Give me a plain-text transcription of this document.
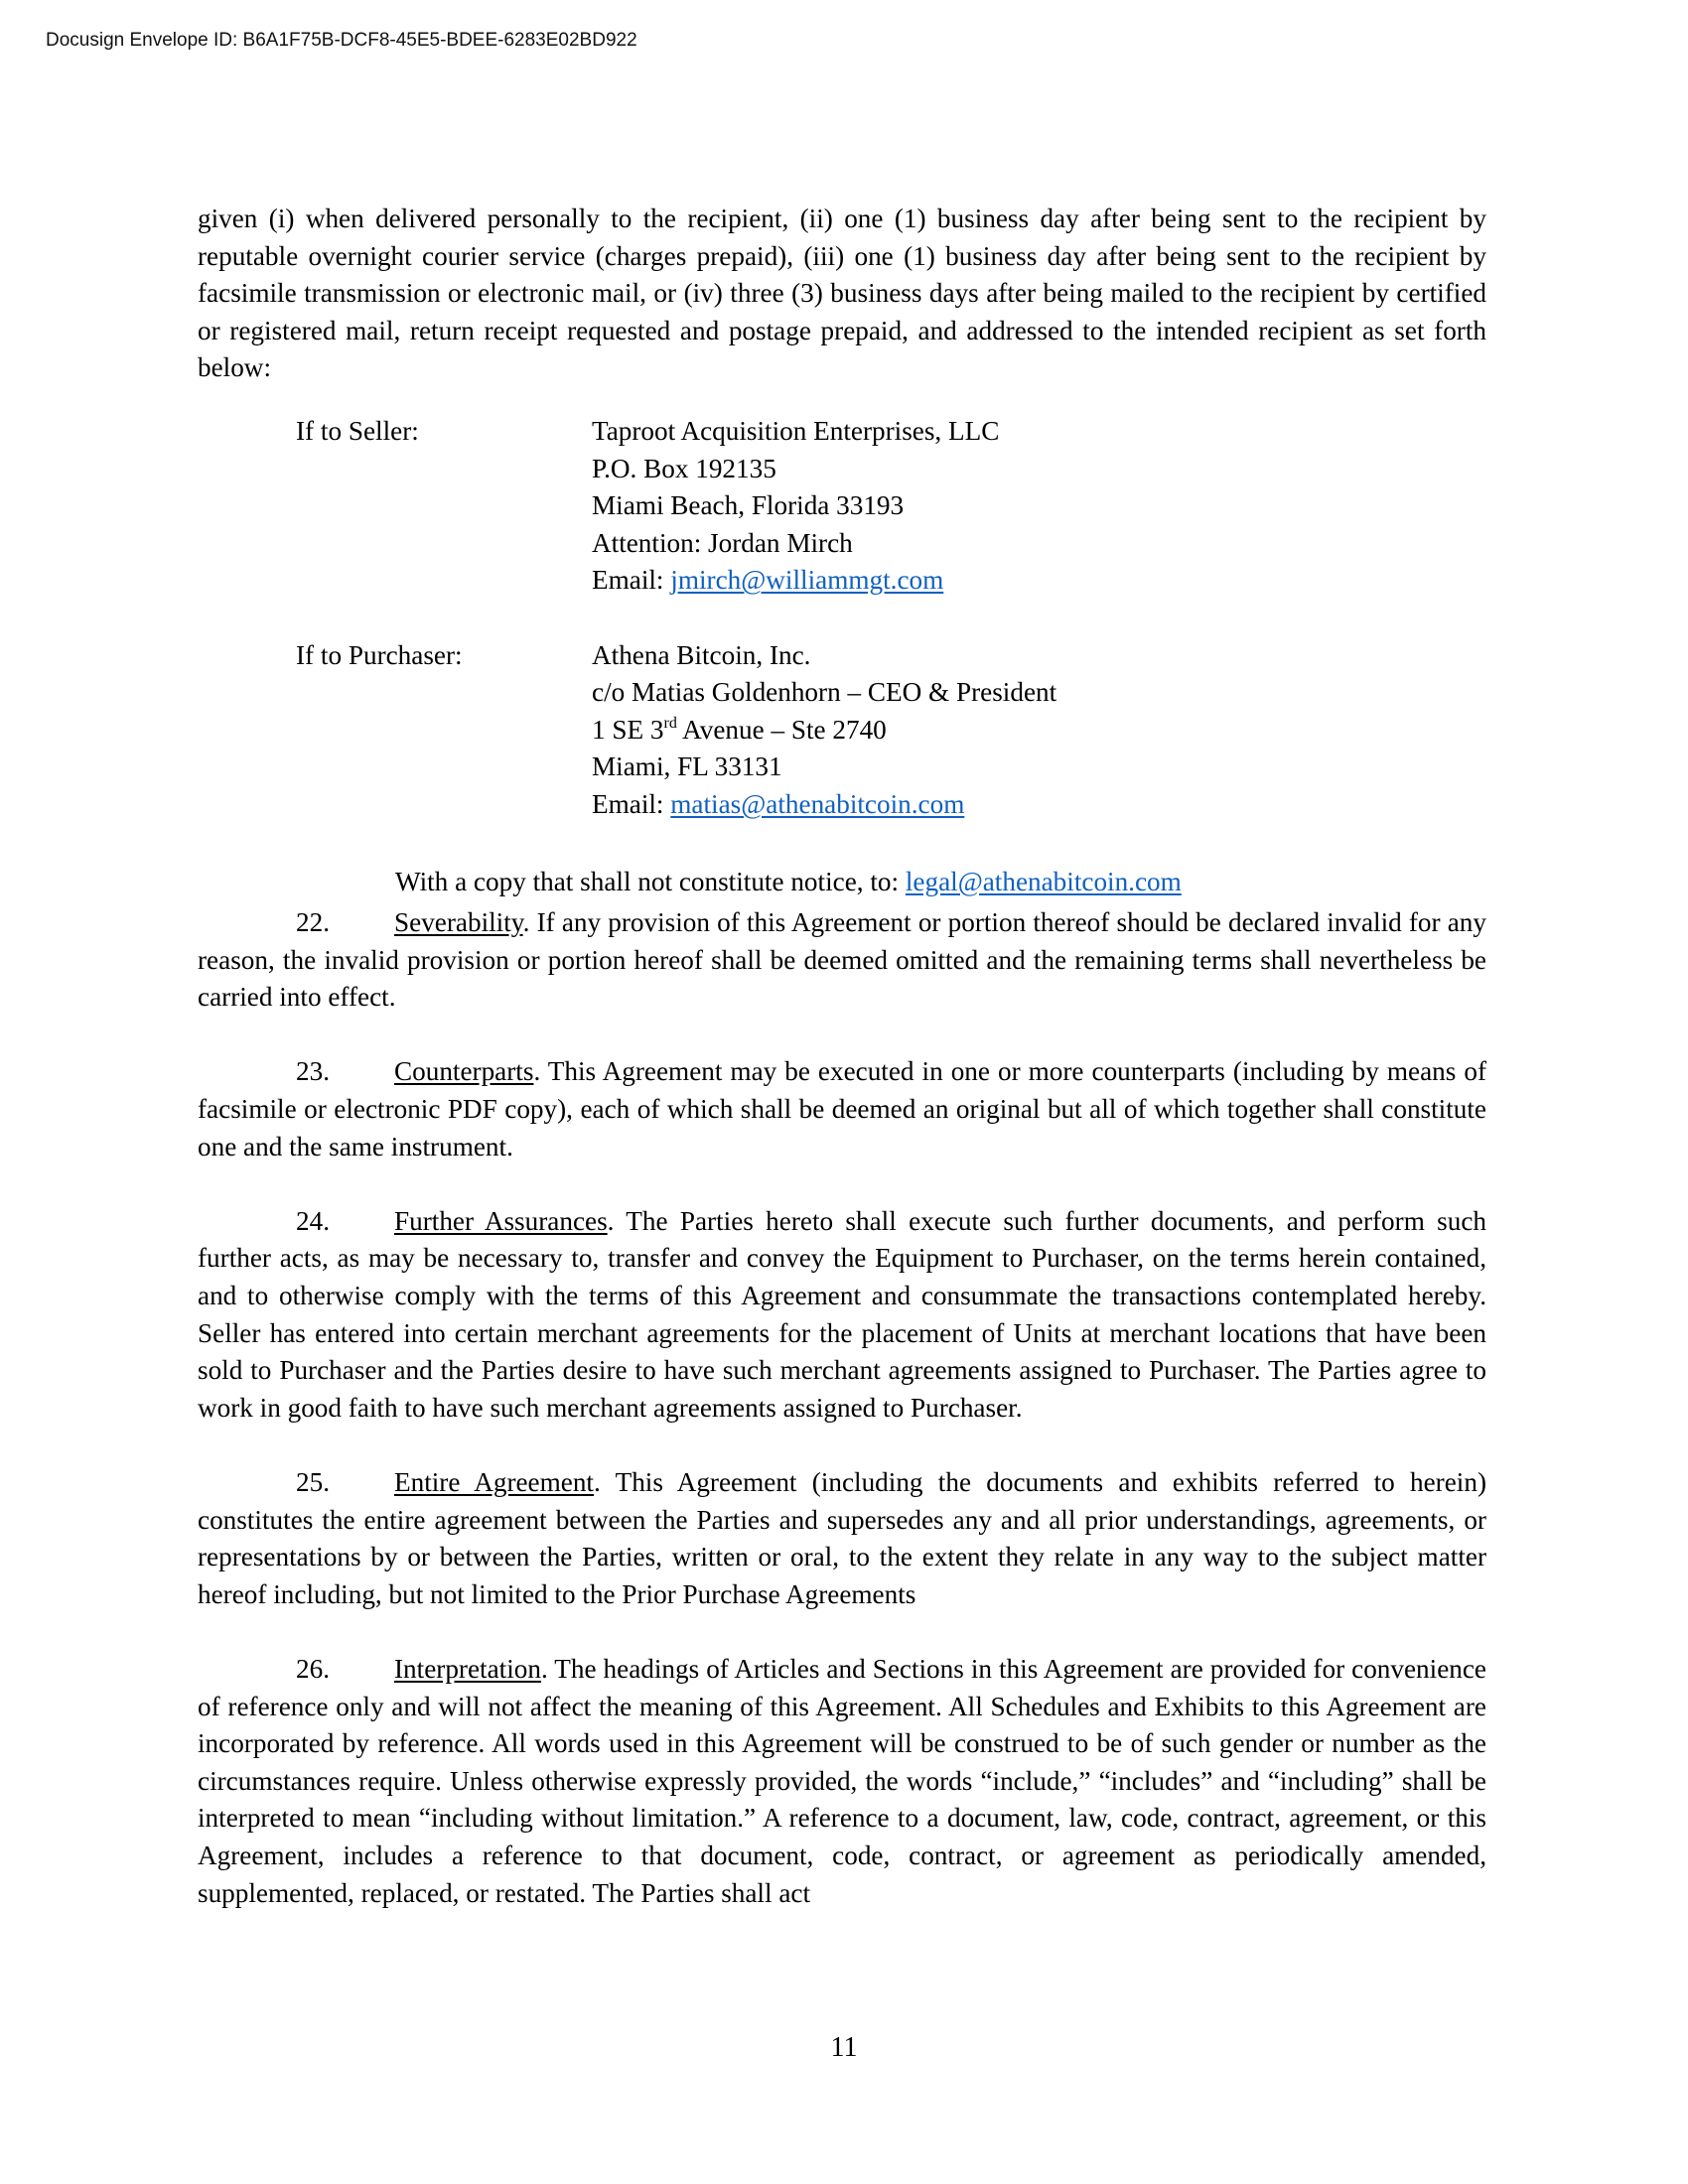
Docusign Envelope ID: B6A1F75B-DCF8-45E5-BDEE-6283E02BD922

given (i) when delivered personally to the recipient, (ii) one (1) business day after being sent to the recipient by reputable overnight courier service (charges prepaid), (iii) one (1) business day after being sent to the recipient by facsimile transmission or electronic mail, or (iv) three (3) business days after being mailed to the recipient by certified or registered mail, return receipt requested and postage prepaid, and addressed to the intended recipient as set forth below:

If to Seller:	Taproot Acquisition Enterprises, LLC
P.O. Box 192135
Miami Beach, Florida 33193
Attention: Jordan Mirch
Email: jmirch@williammgt.com
If to Purchaser:	Athena Bitcoin, Inc.
c/o Matias Goldenhorn – CEO & President
1 SE 3rd Avenue – Ste 2740
Miami, FL 33131
Email: matias@athenabitcoin.com
With a copy that shall not constitute notice, to: legal@athenabitcoin.com

22. Severability. If any provision of this Agreement or portion thereof should be declared invalid for any reason, the invalid provision or portion hereof shall be deemed omitted and the remaining terms shall nevertheless be carried into effect.

23. Counterparts. This Agreement may be executed in one or more counterparts (including by means of facsimile or electronic PDF copy), each of which shall be deemed an original but all of which together shall constitute one and the same instrument.

24. Further Assurances. The Parties hereto shall execute such further documents, and perform such further acts, as may be necessary to, transfer and convey the Equipment to Purchaser, on the terms herein contained, and to otherwise comply with the terms of this Agreement and consummate the transactions contemplated hereby. Seller has entered into certain merchant agreements for the placement of Units at merchant locations that have been sold to Purchaser and the Parties desire to have such merchant agreements assigned to Purchaser. The Parties agree to work in good faith to have such merchant agreements assigned to Purchaser.

25. Entire Agreement. This Agreement (including the documents and exhibits referred to herein) constitutes the entire agreement between the Parties and supersedes any and all prior understandings, agreements, or representations by or between the Parties, written or oral, to the extent they relate in any way to the subject matter hereof including, but not limited to the Prior Purchase Agreements

26. Interpretation. The headings of Articles and Sections in this Agreement are provided for convenience of reference only and will not affect the meaning of this Agreement. All Schedules and Exhibits to this Agreement are incorporated by reference. All words used in this Agreement will be construed to be of such gender or number as the circumstances require. Unless otherwise expressly provided, the words “include,” “includes” and “including” shall be interpreted to mean “including without limitation.” A reference to a document, law, code, contract, agreement, or this Agreement, includes a reference to that document, code, contract, or agreement as periodically amended, supplemented, replaced, or restated. The Parties shall act

11
